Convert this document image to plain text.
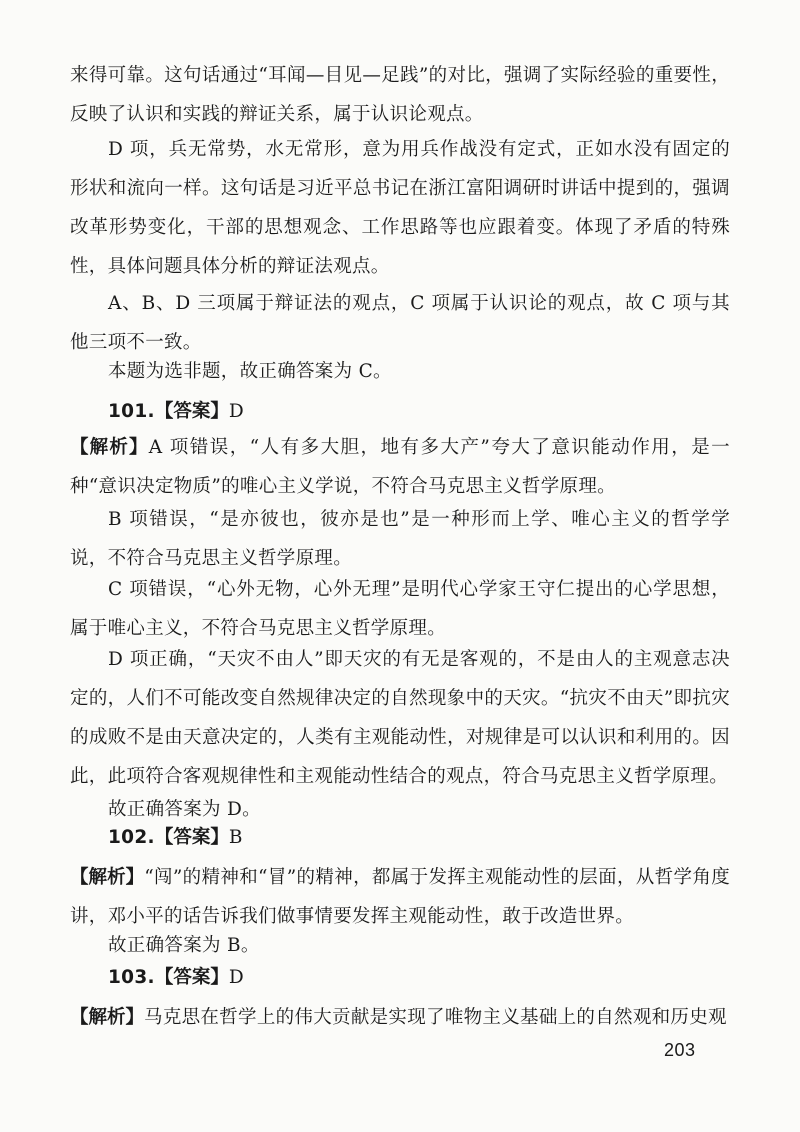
来得可靠。这句话通过“耳闻—目见—足践”的对比，强调了实际经验的重要性，反映了认识和实践的辩证关系，属于认识论观点。
D 项，兵无常势，水无常形，意为用兵作战没有定式，正如水没有固定的形状和流向一样。这句话是习近平总书记在浙江富阳调研时讲话中提到的，强调改革形势变化，干部的思想观念、工作思路等也应跟着变。体现了矛盾的特殊性，具体问题具体分析的辩证法观点。
A、B、D 三项属于辩证法的观点，C 项属于认识论的观点，故 C 项与其他三项不一致。
本题为选非题，故正确答案为 C。
101.【答案】D
【解析】A 项错误，“人有多大胆，地有多大产”夸大了意识能动作用，是一种“意识决定物质”的唯心主义学说，不符合马克思主义哲学原理。
B 项错误，“是亦彼也，彼亦是也”是一种形而上学、唯心主义的哲学学说，不符合马克思主义哲学原理。
C 项错误，“心外无物，心外无理”是明代心学家王守仁提出的心学思想，属于唯心主义，不符合马克思主义哲学原理。
D 项正确，“天灾不由人”即天灾的有无是客观的，不是由人的主观意志决定的，人们不可能改变自然规律决定的自然现象中的天灾。“抗灾不由天”即抗灾的成败不是由天意决定的，人类有主观能动性，对规律是可以认识和利用的。因此，此项符合客观规律性和主观能动性结合的观点，符合马克思主义哲学原理。
故正确答案为 D。
102.【答案】B
【解析】“闯”的精神和“冒”的精神，都属于发挥主观能动性的层面，从哲学角度讲，邓小平的话告诉我们做事情要发挥主观能动性，敢于改造世界。
故正确答案为 B。
103.【答案】D
【解析】马克思在哲学上的伟大贡献是实现了唯物主义基础上的自然观和历史观
203
